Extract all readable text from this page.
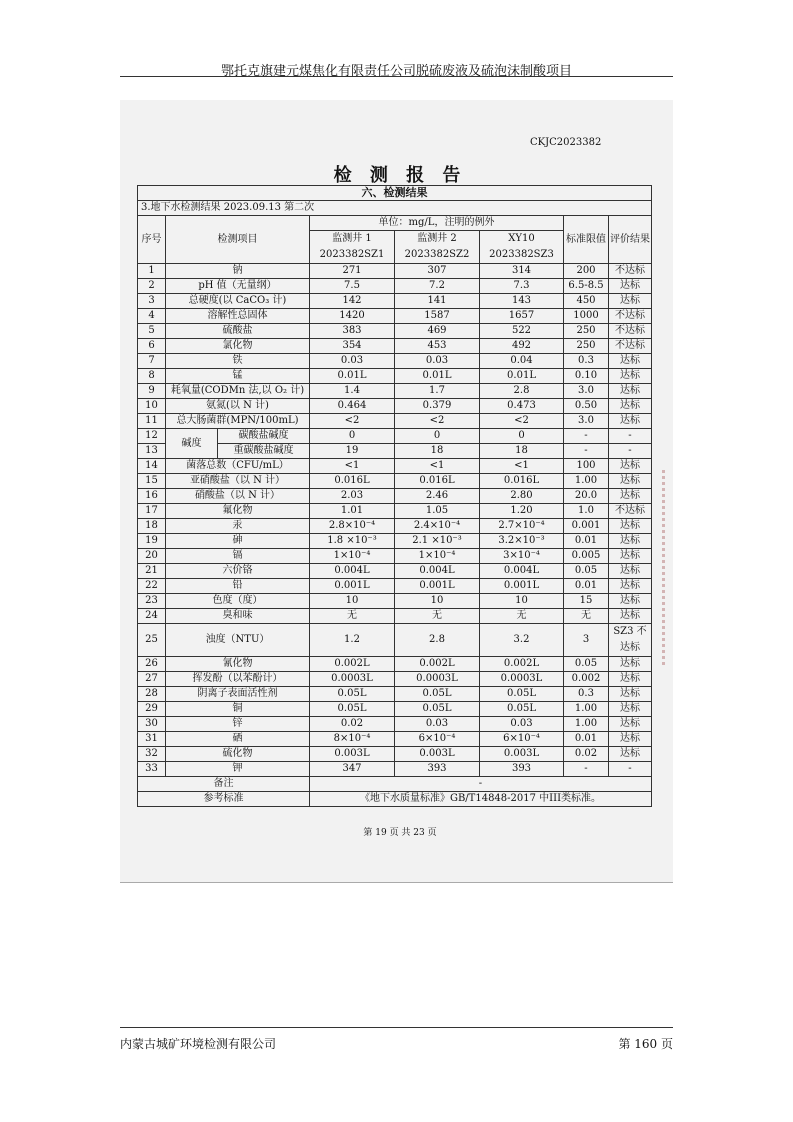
鄂托克旗建元煤焦化有限责任公司脱硫废液及硫泡沫制酸项目
CKJC2023382
检 测 报 告
六、检测结果							
3.地下水检测结果 2023.09.13 第二次							
序号	检测项目		单位：mg/L，注明的例外			标准限值	评价结果
			监测井 1 2023382SZ1	监测井 2 2023382SZ2	XY10 2023382SZ3		
1	钠		271	307	314	200	不达标
2	pH 值（无量纲）		7.5	7.2	7.3	6.5-8.5	达标
3	总硬度(以 CaCO₃ 计)		142	141	143	450	达标
4	溶解性总固体		1420	1587	1657	1000	不达标
5	硫酸盐		383	469	522	250	不达标
6	氯化物		354	453	492	250	不达标
7	铁		0.03	0.03	0.04	0.3	达标
8	锰		0.01L	0.01L	0.01L	0.10	达标
9	耗氧量(CODMn 法,以 O₂ 计)		1.4	1.7	2.8	3.0	达标
10	氨氮(以 N 计)		0.464	0.379	0.473	0.50	达标
11	总大肠菌群(MPN/100mL)		<2	<2	<2	3.0	达标
12	碱度	碳酸盐碱度	0	0	0	-	-
13		重碳酸盐碱度	19	18	18	-	-
14	菌落总数（CFU/mL）		<1	<1	<1	100	达标
15	亚硝酸盐（以 N 计）		0.016L	0.016L	0.016L	1.00	达标
16	硝酸盐（以 N 计）		2.03	2.46	2.80	20.0	达标
17	氟化物		1.01	1.05	1.20	1.0	不达标
18	汞		2.8×10⁻⁴	2.4×10⁻⁴	2.7×10⁻⁴	0.001	达标
19	砷		1.8 ×10⁻³	2.1 ×10⁻³	3.2×10⁻³	0.01	达标
20	镉		1×10⁻⁴	1×10⁻⁴	3×10⁻⁴	0.005	达标
21	六价铬		0.004L	0.004L	0.004L	0.05	达标
22	铅		0.001L	0.001L	0.001L	0.01	达标
23	色度（度）		10	10	10	15	达标
24	臭和味		无	无	无	无	达标
25	浊度（NTU）		1.2	2.8	3.2	3	SZ3 不达标
26	氰化物		0.002L	0.002L	0.002L	0.05	达标
27	挥发酚（以苯酚计）		0.0003L	0.0003L	0.0003L	0.002	达标
28	阴离子表面活性剂		0.05L	0.05L	0.05L	0.3	达标
29	铜		0.05L	0.05L	0.05L	1.00	达标
30	锌		0.02	0.03	0.03	1.00	达标
31	硒		8×10⁻⁴	6×10⁻⁴	6×10⁻⁴	0.01	达标
32	硫化物		0.003L	0.003L	0.003L	0.02	达标
33	钾		347	393	393	-	-
备注			-				
参考标准			《地下水质量标准》GB/T14848-2017 中III类标准。				
第 19 页 共 23 页
内蒙古城矿环境检测有限公司	第 160 页
